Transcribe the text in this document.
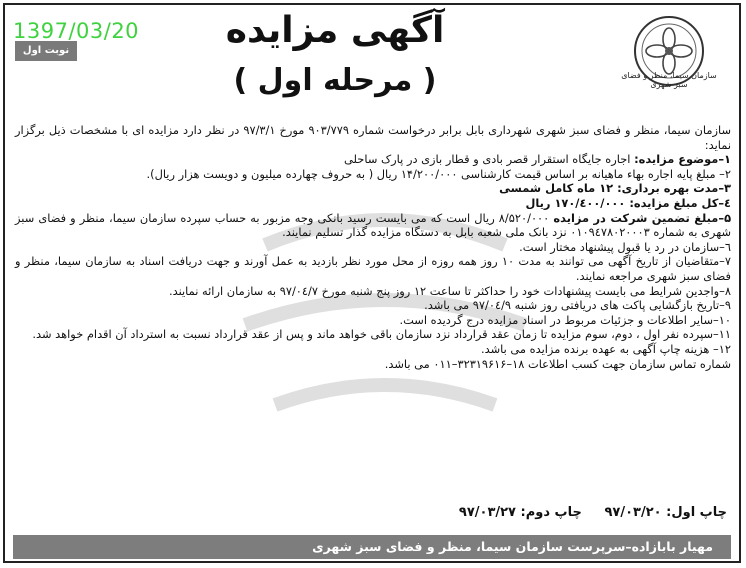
1397/03/20
نوبت اول	آگهی مزایده
( مرحله اول )	سازمان سیما، منظر و فضای سبز شهری

سازمان سیما، منظر و فضای سبز شهری شهرداری بابل برابر درخواست شماره ۹۰۳/۷۷۹ مورخ ۹۷/۳/۱ در نظر دارد مزایده ای با مشخصات ذیل برگزار نماید:

۱–موضوع مزایده: اجاره جایگاه استقرار قصر بادی و قطار بازی در پارک ساحلی

۲– مبلغ پایه اجاره بهاء ماهیانه بر اساس قیمت کارشناسی ۱۴/۲۰۰/۰۰۰ ریال ( به حروف چهارده میلیون و دویست هزار ریال).

۳–مدت بهره برداری: ۱۲ ماه کامل شمسی

٤–کل مبلغ مزایده: ۱۷۰/٤۰۰/۰۰۰ ریال

۵–مبلغ تضمین شرکت در مزایده ۸/۵۲۰/۰۰۰ ریال است که می بایست رسید بانکی وجه مزبور به حساب سپرده سازمان سیما، منظر و فضای سبز شهری به شماره ۰۱۰۹٤۷۸۰۲۰۰۰۳ نزد بانک ملی شعبه بابل به دستگاه مزایده گذار تسلیم نمایند.

٦–سازمان در رد یا قبول پیشنهاد مختار است.

۷–متقاضیان از تاریخ آگهی می توانند به مدت ۱۰ روز همه روزه از محل مورد نظر بازدید به عمل آورند و جهت دریافت اسناد به سازمان سیما، منظر و فضای سبز شهری مراجعه نمایند.

۸–واجدین شرایط می بایست پیشنهادات خود را حداکثر تا ساعت ۱۲ روز پنج شنبه مورخ ۹۷/۰٤/۷ به سازمان ارائه نمایند.

۹–تاریخ بازگشایی پاکت های دریافتی روز شنبه ۹۷/۰٤/۹ می باشد.

۱۰–سایر اطلاعات و جزئیات مربوط در اسناد مزایده درج گردیده است.

۱۱–سپرده نفر اول ، دوم، سوم مزایده تا زمان عقد قرارداد نزد سازمان باقی خواهد ماند و پس از عقد قرارداد نسبت به استرداد آن اقدام خواهد شد.

۱۲– هزینه چاپ آگهی به عهده برنده مزایده می باشد.

شماره تماس سازمان جهت کسب اطلاعات ۱۸–۳۲۳۱۹۶۱۶–۰۱۱ می باشد.

چاپ اول: ۹۷/۰۳/۲۰     چاپ دوم: ۹۷/۰۳/۲۷
مهیار بابازاده–سرپرست سازمان سیما، منظر و فضای سبز شهری
